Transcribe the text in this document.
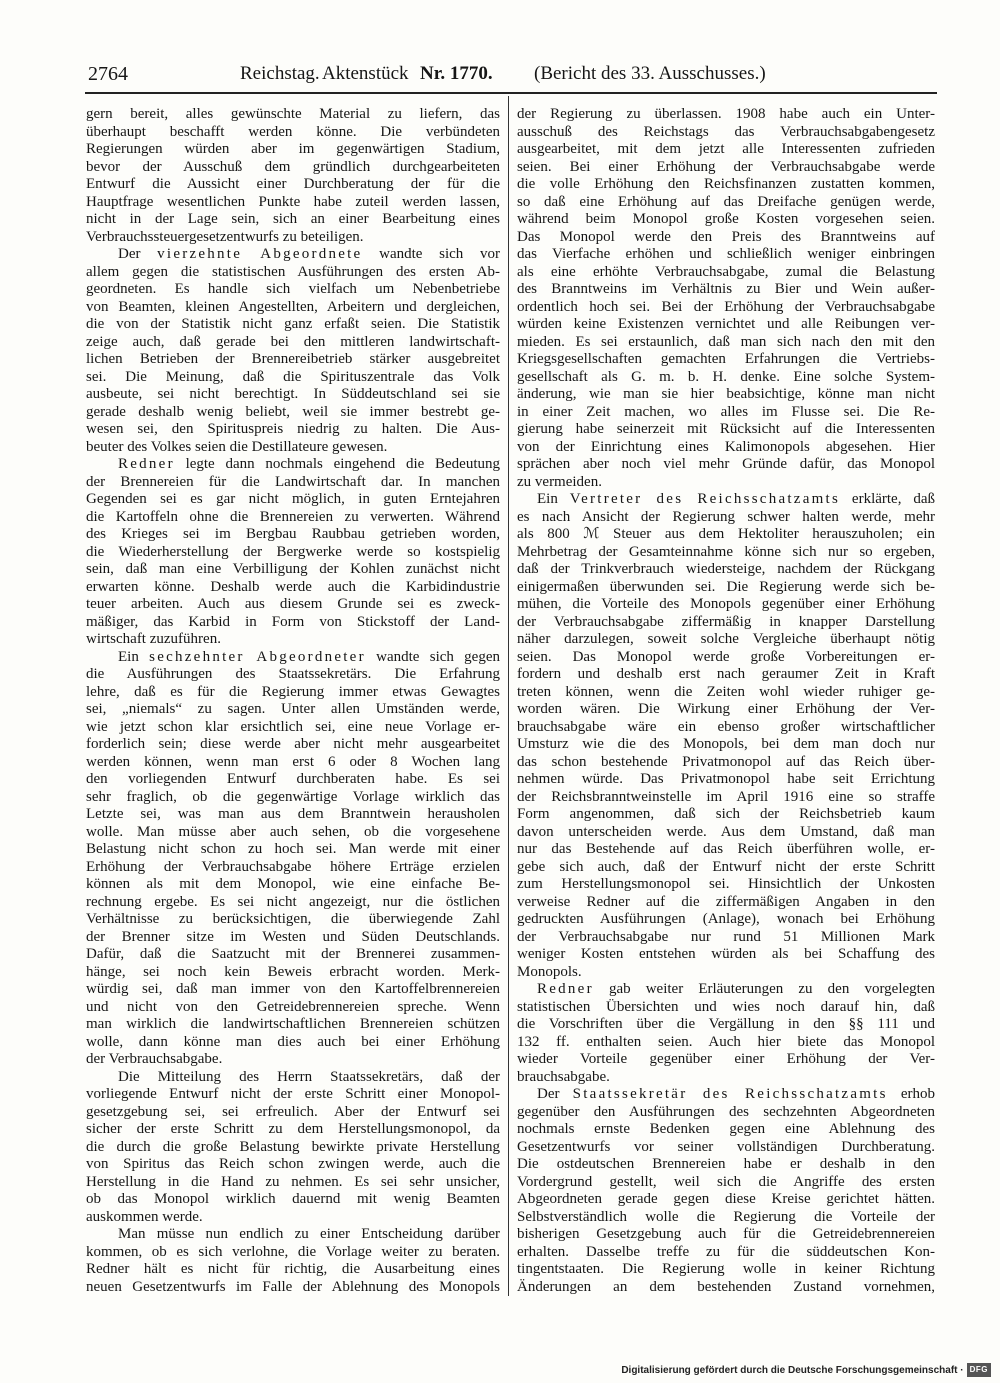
2764	Reichstag. Aktenstück Nr. 1770. (Bericht des 33. Ausschusses.)
gern bereit, alles gewünschte Material zu liefern, das
überhaupt beschafft werden könne. Die verbündeten
Regierungen würden aber im gegenwärtigen Stadium,
bevor der Ausschuß dem gründlich durchgearbeiteten
Entwurf die Aussicht einer Durchberatung der für die
Hauptfrage wesentlichen Punkte habe zuteil werden lassen,
nicht in der Lage sein, sich an einer Bearbeitung eines
Verbrauchssteuergesetzentwurfs zu beteiligen.
Der vierzehnte Abgeordnete wandte sich vor
allem gegen die statistischen Ausführungen des ersten Ab-
geordneten. Es handle sich vielfach um Nebenbetriebe
von Beamten, kleinen Angestellten, Arbeitern und dergleichen,
die von der Statistik nicht ganz erfaßt seien. Die Statistik
zeige auch, daß gerade bei den mittleren landwirtschaft-
lichen Betrieben der Brennereibetrieb stärker ausgebreitet
sei. Die Meinung, daß die Spirituszentrale das Volk
ausbeute, sei nicht berechtigt. In Süddeutschland sei sie
gerade deshalb wenig beliebt, weil sie immer bestrebt ge-
wesen sei, den Spirituspreis niedrig zu halten. Die Aus-
beuter des Volkes seien die Destillateure gewesen.
Redner legte dann nochmals eingehend die Bedeutung
der Brennereien für die Landwirtschaft dar. In manchen
Gegenden sei es gar nicht möglich, in guten Erntejahren
die Kartoffeln ohne die Brennereien zu verwerten. Während
des Krieges sei im Bergbau Raubbau getrieben worden,
die Wiederherstellung der Bergwerke werde so kostspielig
sein, daß man eine Verbilligung der Kohlen zunächst nicht
erwarten könne. Deshalb werde auch die Karbidindustrie
teuer arbeiten. Auch aus diesem Grunde sei es zweck-
mäßiger, das Karbid in Form von Stickstoff der Land-
wirtschaft zuzuführen.
Ein sechzehnter Abgeordneter wandte sich gegen
die Ausführungen des Staatssekretärs. Die Erfahrung
lehre, daß es für die Regierung immer etwas Gewagtes
sei, „niemals“ zu sagen. Unter allen Umständen werde,
wie jetzt schon klar ersichtlich sei, eine neue Vorlage er-
forderlich sein; diese werde aber nicht mehr ausgearbeitet
werden können, wenn man erst 6 oder 8 Wochen lang
den vorliegenden Entwurf durchberaten habe. Es sei
sehr fraglich, ob die gegenwärtige Vorlage wirklich das
Letzte sei, was man aus dem Branntwein herausholen
wolle. Man müsse aber auch sehen, ob die vorgesehene
Belastung nicht schon zu hoch sei. Man werde mit einer
Erhöhung der Verbrauchsabgabe höhere Erträge erzielen
können als mit dem Monopol, wie eine einfache Be-
rechnung ergebe. Es sei nicht angezeigt, nur die östlichen
Verhältnisse zu berücksichtigen, die überwiegende Zahl
der Brenner sitze im Westen und Süden Deutschlands.
Dafür, daß die Saatzucht mit der Brennerei zusammen-
hänge, sei noch kein Beweis erbracht worden. Merk-
würdig sei, daß man immer von den Kartoffelbrennereien
und nicht von den Getreidebrennereien spreche. Wenn
man wirklich die landwirtschaftlichen Brennereien schützen
wolle, dann könne man dies auch bei einer Erhöhung
der Verbrauchsabgabe.
Die Mitteilung des Herrn Staatssekretärs, daß der
vorliegende Entwurf nicht der erste Schritt einer Monopol-
gesetzgebung sei, sei erfreulich. Aber der Entwurf sei
sicher der erste Schritt zu dem Herstellungsmonopol, da
die durch die große Belastung bewirkte private Herstellung
von Spiritus das Reich schon zwingen werde, auch die
Herstellung in die Hand zu nehmen. Es sei sehr unsicher,
ob das Monopol wirklich dauernd mit wenig Beamten
auskommen werde.
Man müsse nun endlich zu einer Entscheidung darüber
kommen, ob es sich verlohne, die Vorlage weiter zu beraten.
Redner hält es nicht für richtig, die Ausarbeitung eines
neuen Gesetzentwurfs im Falle der Ablehnung des Monopols
der Regierung zu überlassen. 1908 habe auch ein Unter-
ausschuß des Reichstags das Verbrauchsabgabengesetz
ausgearbeitet, mit dem jetzt alle Interessenten zufrieden
seien. Bei einer Erhöhung der Verbrauchsabgabe werde
die volle Erhöhung den Reichsfinanzen zustatten kommen,
so daß eine Erhöhung auf das Dreifache genügen werde,
während beim Monopol große Kosten vorgesehen seien.
Das Monopol werde den Preis des Branntweins auf
das Vierfache erhöhen und schließlich weniger einbringen
als eine erhöhte Verbrauchsabgabe, zumal die Belastung
des Branntweins im Verhältnis zu Bier und Wein außer-
ordentlich hoch sei. Bei der Erhöhung der Verbrauchsabgabe
würden keine Existenzen vernichtet und alle Reibungen ver-
mieden. Es sei erstaunlich, daß man sich nach den mit den
Kriegsgesellschaften gemachten Erfahrungen die Vertriebs-
gesellschaft als G. m. b. H. denke. Eine solche System-
änderung, wie man sie hier beabsichtige, könne man nicht
in einer Zeit machen, wo alles im Flusse sei. Die Re-
gierung habe seinerzeit mit Rücksicht auf die Interessenten
von der Einrichtung eines Kalimonopols abgesehen. Hier
sprächen aber noch viel mehr Gründe dafür, das Monopol
zu vermeiden.
Ein Vertreter des Reichsschatzamts erklärte, daß
es nach Ansicht der Regierung schwer halten werde, mehr
als 800 ℳ Steuer aus dem Hektoliter herauszuholen; ein
Mehrbetrag der Gesamteinnahme könne sich nur so ergeben,
daß der Trinkverbrauch wiedersteige, nachdem der Rückgang
einigermaßen überwunden sei. Die Regierung werde sich be-
mühen, die Vorteile des Monopols gegenüber einer Erhöhung
der Verbrauchsabgabe ziffermäßig in knapper Darstellung
näher darzulegen, soweit solche Vergleiche überhaupt nötig
seien. Das Monopol werde große Vorbereitungen er-
fordern und deshalb erst nach geraumer Zeit in Kraft
treten können, wenn die Zeiten wohl wieder ruhiger ge-
worden wären. Die Wirkung einer Erhöhung der Ver-
brauchsabgabe wäre ein ebenso großer wirtschaftlicher
Umsturz wie die des Monopols, bei dem man doch nur
das schon bestehende Privatmonopol auf das Reich über-
nehmen würde. Das Privatmonopol habe seit Errichtung
der Reichsbranntweinstelle im April 1916 eine so straffe
Form angenommen, daß sich der Reichsbetrieb kaum
davon unterscheiden werde. Aus dem Umstand, daß man
nur das Bestehende auf das Reich überführen wolle, er-
gebe sich auch, daß der Entwurf nicht der erste Schritt
zum Herstellungsmonopol sei. Hinsichtlich der Unkosten
verweise Redner auf die ziffermäßigen Angaben in den
gedruckten Ausführungen (Anlage), wonach bei Erhöhung
der Verbrauchsabgabe nur rund 51 Millionen Mark
weniger Kosten entstehen würden als bei Schaffung des
Monopols.
Redner gab weiter Erläuterungen zu den vorgelegten
statistischen Übersichten und wies noch darauf hin, daß
die Vorschriften über die Vergällung in den §§ 111 und
132 ff. enthalten seien. Auch hier biete das Monopol
wieder Vorteile gegenüber einer Erhöhung der Ver-
brauchsabgabe.
Der Staatssekretär des Reichsschatzamts erhob
gegenüber den Ausführungen des sechzehnten Abgeordneten
nochmals ernste Bedenken gegen eine Ablehnung des
Gesetzentwurfs vor seiner vollständigen Durchberatung.
Die ostdeutschen Brennereien habe er deshalb in den
Vordergrund gestellt, weil sich die Angriffe des ersten
Abgeordneten gerade gegen diese Kreise gerichtet hätten.
Selbstverständlich wolle die Regierung die Vorteile der
bisherigen Gesetzgebung auch für die Getreidebrennereien
erhalten. Dasselbe treffe zu für die süddeutschen Kon-
tingentstaaten. Die Regierung wolle in keiner Richtung
Änderungen an dem bestehenden Zustand vornehmen,
Digitalisierung gefördert durch die Deutsche Forschungsgemeinschaft · DFG
